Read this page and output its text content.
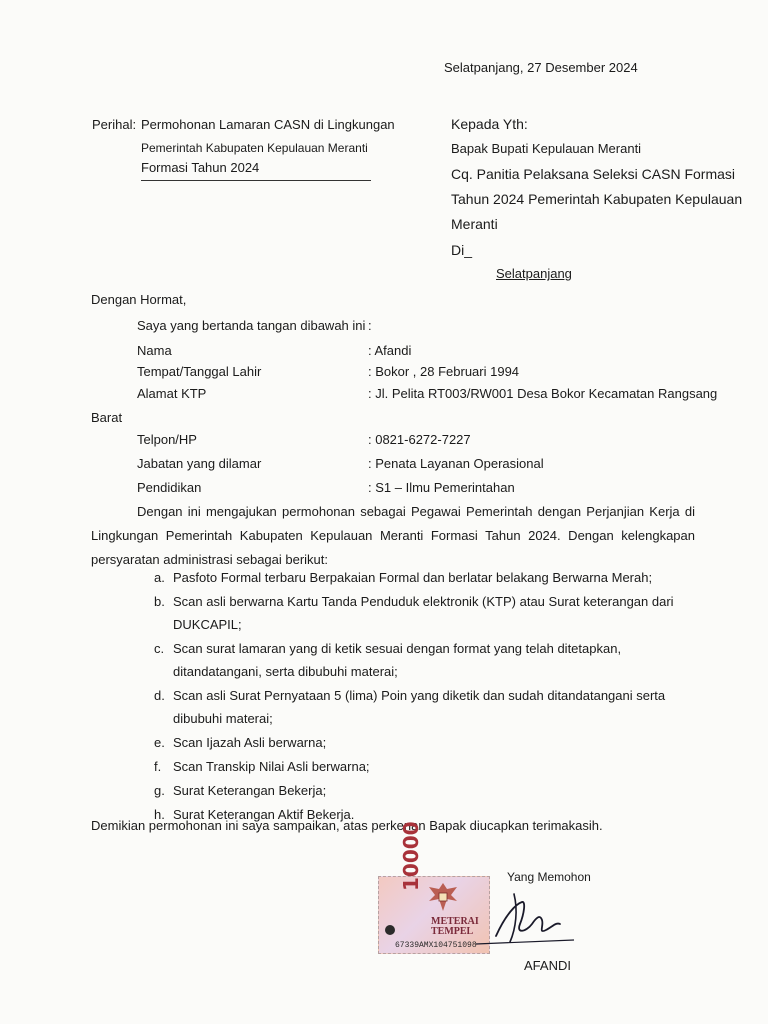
Selatpanjang, 27 Desember 2024
Perihal: Permohonan Lamaran CASN di Lingkungan
Pemerintah Kabupaten Kepulauan Meranti
Formasi Tahun 2024
Kepada Yth:
Bapak Bupati Kepulauan Meranti
Cq. Panitia Pelaksana Seleksi CASN Formasi
Tahun 2024 Pemerintah Kabupaten Kepulauan
Meranti
Di_
Selatpanjang
Dengan Hormat,
Saya yang bertanda tangan dibawah ini :
Nama	: Afandi
Tempat/Tanggal Lahir	: Bokor , 28 Februari 1994
Alamat KTP	: Jl. Pelita RT003/RW001 Desa Bokor Kecamatan Rangsang
Barat
Telpon/HP	: 0821-6272-7227
Jabatan yang dilamar	: Penata Layanan Operasional
Pendidikan	: S1 – Ilmu Pemerintahan

Dengan ini mengajukan permohonan sebagai Pegawai Pemerintah dengan Perjanjian Kerja di Lingkungan Pemerintah Kabupaten Kepulauan Meranti Formasi Tahun 2024. Dengan kelengkapan persyaratan administrasi sebagai berikut:

a. Pasfoto Formal terbaru Berpakaian Formal dan berlatar belakang Berwarna Merah;
b. Scan asli berwarna Kartu Tanda Penduduk elektronik (KTP) atau Surat keterangan dari DUKCAPIL;
c. Scan surat lamaran yang di ketik sesuai dengan format yang telah ditetapkan, ditandatangani, serta dibubuhi materai;
d. Scan asli Surat Pernyataan 5 (lima) Poin yang diketik dan sudah ditandatangani serta dibubuhi materai;
e. Scan Ijazah Asli berwarna;
f. Scan Transkip Nilai Asli berwarna;
g. Surat Keterangan Bekerja;
h. Surat Keterangan Aktif Bekerja.
Demikian permohonan ini saya sampaikan, atas perkenan Bapak diucapkan terimakasih.
Yang Memohon
10000
METERAI
TEMPEL
67339AMX104751098
AFANDI
